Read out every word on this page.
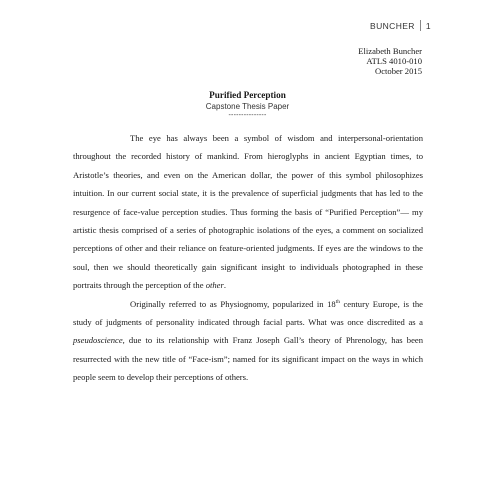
BUNCHER 1
Elizabeth Buncher
ATLS 4010-010
October 2015
Purified Perception
Capstone Thesis Paper
---------------

The eye has always been a symbol of wisdom and interpersonal-orientation throughout the recorded history of mankind. From hieroglyphs in ancient Egyptian times, to Aristotle’s theories, and even on the American dollar, the power of this symbol philosophizes intuition. In our current social state, it is the prevalence of superficial judgments that has led to the resurgence of face-value perception studies. Thus forming the basis of “Purified Perception”— my artistic thesis comprised of a series of photographic isolations of the eyes, a comment on socialized perceptions of other and their reliance on feature-oriented judgments. If eyes are the windows to the soul, then we should theoretically gain significant insight to individuals photographed in these portraits through the perception of the other.

Originally referred to as Physiognomy, popularized in 18th century Europe, is the study of judgments of personality indicated through facial parts. What was once discredited as a pseudoscience, due to its relationship with Franz Joseph Gall’s theory of Phrenology, has been resurrected with the new title of “Face-ism”; named for its significant impact on the ways in which people seem to develop their perceptions of others.
